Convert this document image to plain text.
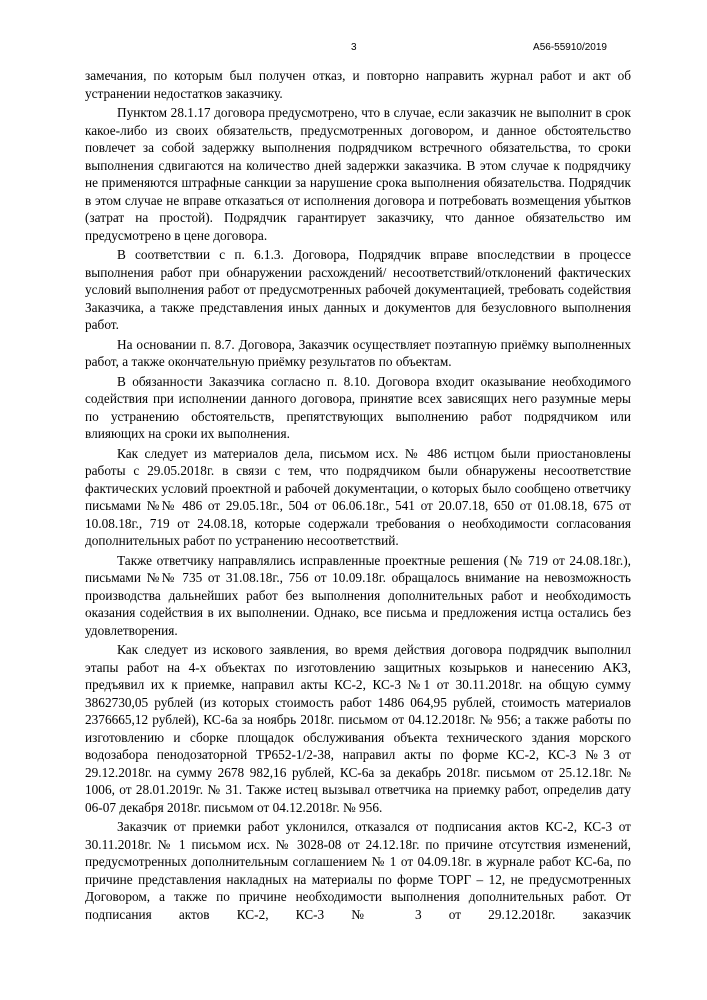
3	А56-55910/2019

замечания, по которым был получен отказ, и повторно направить журнал работ и акт об устранении недостатков заказчику.

Пунктом 28.1.17 договора предусмотрено, что в случае, если заказчик не выполнит в срок какое-либо из своих обязательств, предусмотренных договором, и данное обстоятельство повлечет за собой задержку выполнения подрядчиком встречного обязательства, то сроки выполнения сдвигаются на количество дней задержки заказчика. В этом случае к подрядчику не применяются штрафные санкции за нарушение срока выполнения обязательства. Подрядчик в этом случае не вправе отказаться от исполнения договора и потребовать возмещения убытков (затрат на простой). Подрядчик гарантирует заказчику, что данное обязательство им предусмотрено в цене договора.

В соответствии с п. 6.1.3. Договора, Подрядчик вправе впоследствии в процессе выполнения работ при обнаружении расхождений/ несоответствий/отклонений фактических условий выполнения работ от предусмотренных рабочей документацией, требовать содействия Заказчика, а также представления иных данных и документов для безусловного выполнения работ.

На основании п. 8.7. Договора, Заказчик осуществляет поэтапную приёмку выполненных работ, а также окончательную приёмку результатов по объектам.

В обязанности Заказчика согласно п. 8.10. Договора входит оказывание необходимого содействия при исполнении данного договора, принятие всех зависящих него разумные меры по устранению обстоятельств, препятствующих выполнению работ подрядчиком или влияющих на сроки их выполнения.

Как следует из материалов дела, письмом исх. № 486 истцом были приостановлены работы с 29.05.2018г. в связи с тем, что подрядчиком были обнаружены несоответствие фактических условий проектной и рабочей документации, о которых было сообщено ответчику письмами №№ 486 от 29.05.18г., 504 от 06.06.18г., 541 от 20.07.18, 650 от 01.08.18, 675 от 10.08.18г., 719 от 24.08.18, которые содержали требования о необходимости согласования дополнительных работ по устранению несоответствий.

Также ответчику направлялись исправленные проектные решения (№ 719 от 24.08.18г.), письмами №№ 735 от 31.08.18г., 756 от 10.09.18г. обращалось внимание на невозможность производства дальнейших работ без выполнения дополнительных работ и необходимость оказания содействия в их выполнении. Однако, все письма и предложения истца остались без удовлетворения.

Как следует из искового заявления, во время действия договора подрядчик выполнил этапы работ на 4-х объектах по изготовлению защитных козырьков и нанесению АКЗ, предъявил их к приемке, направил акты КС-2, КС-3 №1 от 30.11.2018г. на общую сумму 3862730,05 рублей (из которых стоимость работ 1486 064,95 рублей, стоимость материалов 2376665,12 рублей), КС-6а за ноябрь 2018г. письмом от 04.12.2018г. № 956; а также работы по изготовлению и сборке площадок обслуживания объекта технического здания морского водозабора пенодозаторной ТР652-1/2-38, направил акты по форме КС-2, КС-3 №3 от 29.12.2018г. на сумму 2678 982,16 рублей, КС-6а за декабрь 2018г. письмом от 25.12.18г. № 1006, от 28.01.2019г. № 31. Также истец вызывал ответчика на приемку работ, определив дату 06-07 декабря 2018г. письмом от 04.12.2018г. № 956.

Заказчик от приемки работ уклонился, отказался от подписания актов КС-2, КС-3 от 30.11.2018г. № 1 письмом исх. № 3028-08 от 24.12.18г. по причине отсутствия изменений, предусмотренных дополнительным соглашением № 1 от 04.09.18г. в журнале работ КС-6а, по причине представления накладных на материалы по форме ТОРГ – 12, не предусмотренных Договором, а также по причине необходимости выполнения дополнительных работ. От подписания актов КС-2, КС-3 № 3 от 29.12.2018г. заказчик
